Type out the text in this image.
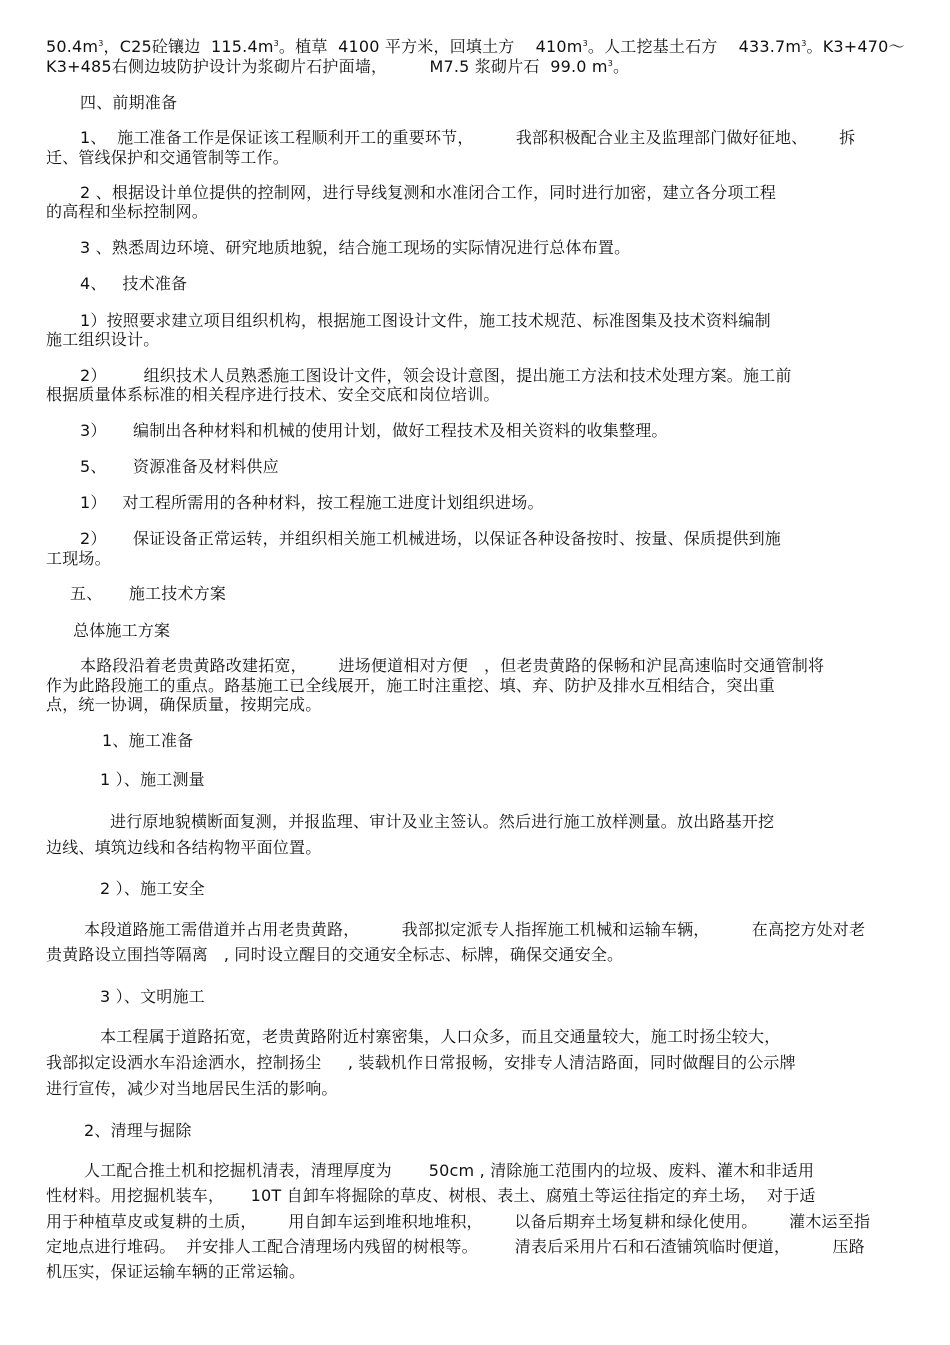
$50.4m^3$，C25砼镶边  $115.4m^3$。植草  4100 平方米，回填土方    $410m^3$。人工挖基土石方    $433.7m^3$。K3+470～
K3+485右侧边坡防护设计为浆砌片石护面墙，        M7.5 浆砌片石  99.0 $m^3$。
四、前期准备
1、  施工准备工作是保证该工程顺利开工的重要环节，        我部积极配合业主及监理部门做好征地、      拆
迁、管线保护和交通管制等工作。
2 、根据设计单位提供的控制网，进行导线复测和水准闭合工作，同时进行加密，建立各分项工程
的高程和坐标控制网。
3 、熟悉周边环境、研究地质地貌，结合施工现场的实际情况进行总体布置。
4、   技术准备
1）按照要求建立项目组织机构，根据施工图设计文件，施工技术规范、标准图集及技术资料编制
施工组织设计。
2）       组织技术人员熟悉施工图设计文件，领会设计意图，提出施工方法和技术处理方案。施工前
根据质量体系标准的相关程序进行技术、安全交底和岗位培训。
3）     编制出各种材料和机械的使用计划，做好工程技术及相关资料的收集整理。
5、     资源准备及材料供应
1）   对工程所需用的各种材料，按工程施工进度计划组织进场。
2）     保证设备正常运转，并组织相关施工机械进场，以保证各种设备按时、按量、保质提供到施
工现场。
五、     施工技术方案
总体施工方案
本路段沿着老贵黄路改建拓宽，      进场便道相对方便   ，但老贵黄路的保畅和沪昆高速临时交通管制将
作为此路段施工的重点。路基施工已全线展开，施工时注重挖、填、弃、防护及排水互相结合，突出重
点，统一协调，确保质量，按期完成。
1、施工准备
1 ）、施工测量
进行原地貌横断面复测，并报监理、审计及业主签认。然后进行施工放样测量。放出路基开挖
边线、填筑边线和各结构物平面位置。
2 ）、施工安全
本段道路施工需借道并占用老贵黄路，        我部拟定派专人指挥施工机械和运输车辆，        在高挖方处对老
贵黄路设立围挡等隔离   , 同时设立醒目的交通安全标志、标牌，确保交通安全。
3 ）、文明施工
本工程属于道路拓宽，老贵黄路附近村寨密集，人口众多，而且交通量较大，施工时扬尘较大，
我部拟定设洒水车沿途洒水，控制扬尘     , 装载机作日常报畅，安排专人清洁路面，同时做醒目的公示牌
进行宣传，减少对当地居民生活的影响。
2、清理与掘除
人工配合推土机和挖掘机清表，清理厚度为       50cm , 清除施工范围内的垃圾、废料、灌木和非适用
性材料。用挖掘机装车，     10T 自卸车将掘除的草皮、树根、表土、腐殖土等运往指定的弃土场，  对于适
用于种植草皮或复耕的土质，      用自卸车运到堆积地堆积，      以备后期弃土场复耕和绿化使用。      灌木运至指
定地点进行堆码。  并安排人工配合清理场内残留的树根等。       清表后采用片石和石渣铺筑临时便道，        压路
机压实，保证运输车辆的正常运输。
